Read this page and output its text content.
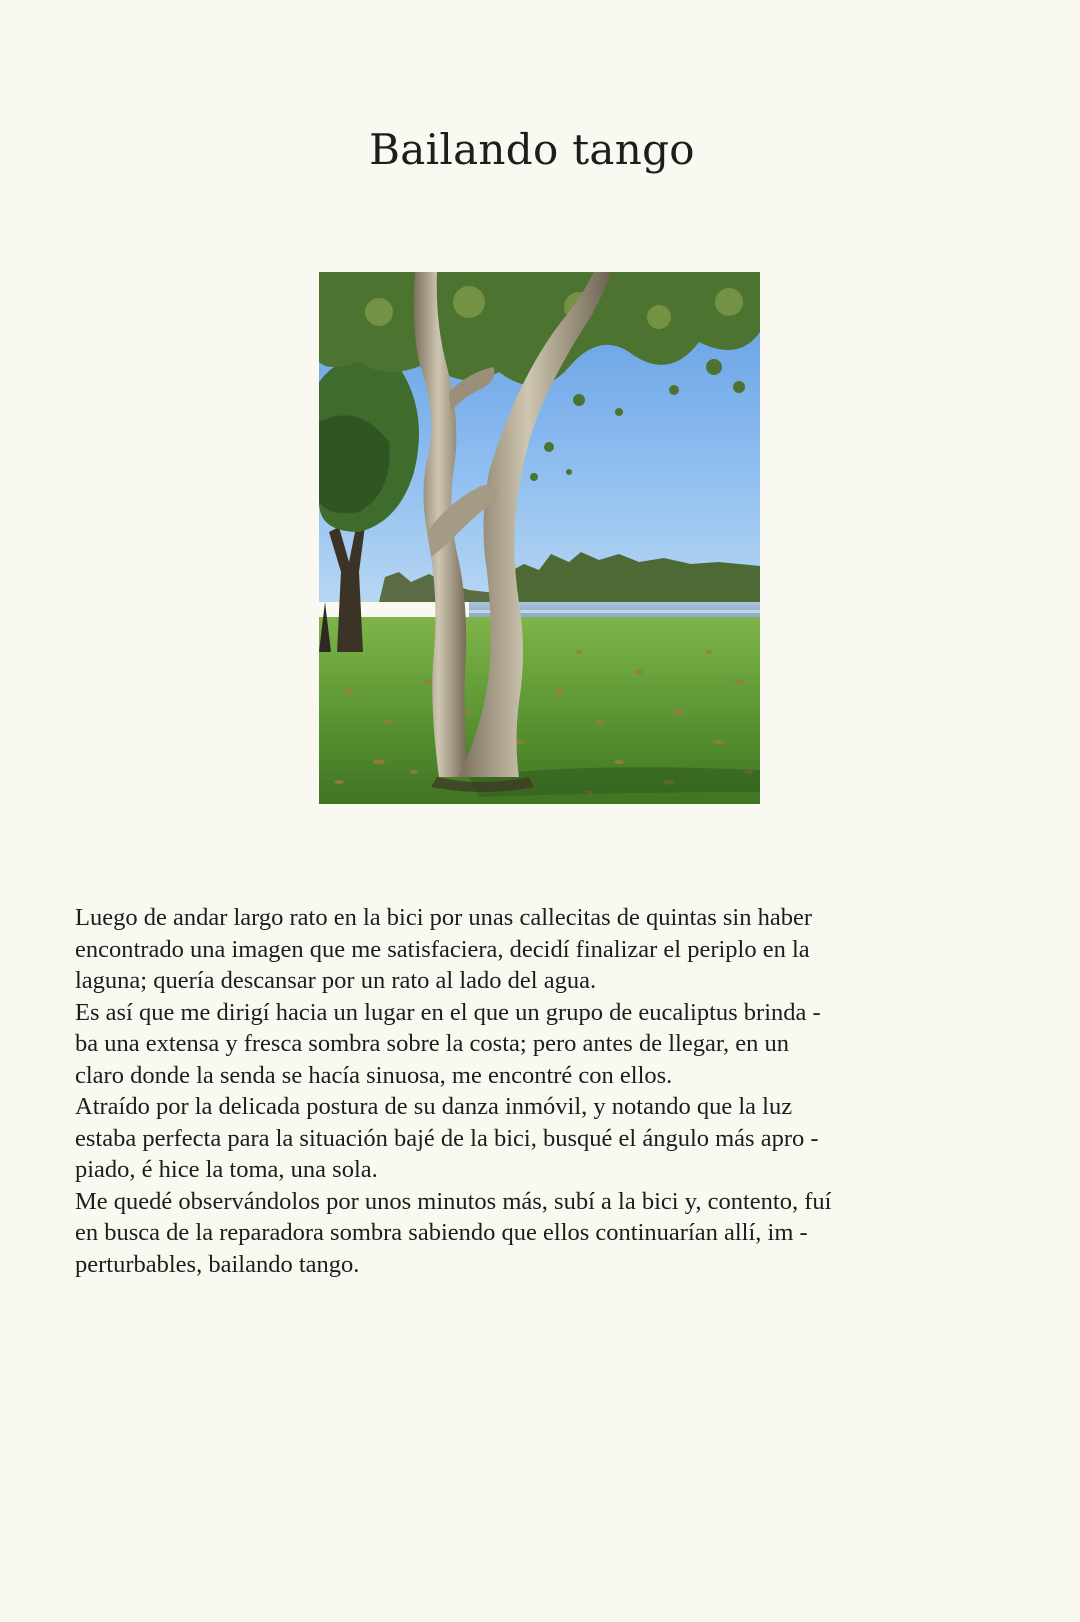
Bailando tango
Luego de andar largo rato en la bici por unas callecitas de quintas sin haber
encontrado una imagen que me satisfaciera, decidí finalizar el periplo en la
laguna; quería descansar por un rato al lado del agua.
Es así que me dirigí hacia un lugar en el que un grupo de eucaliptus brinda -
ba una extensa y fresca sombra sobre la costa; pero antes de llegar, en un
claro donde la senda se hacía sinuosa, me encontré con ellos.
Atraído por la delicada postura de su danza inmóvil, y notando que la luz
estaba perfecta para la situación bajé de la bici, busqué el ángulo más apro -
piado, é hice la toma, una sola.
Me quedé observándolos por unos minutos más, subí a la bici y, contento, fuí
en busca de la reparadora sombra sabiendo que ellos continuarían allí, im -
perturbables, bailando tango.
